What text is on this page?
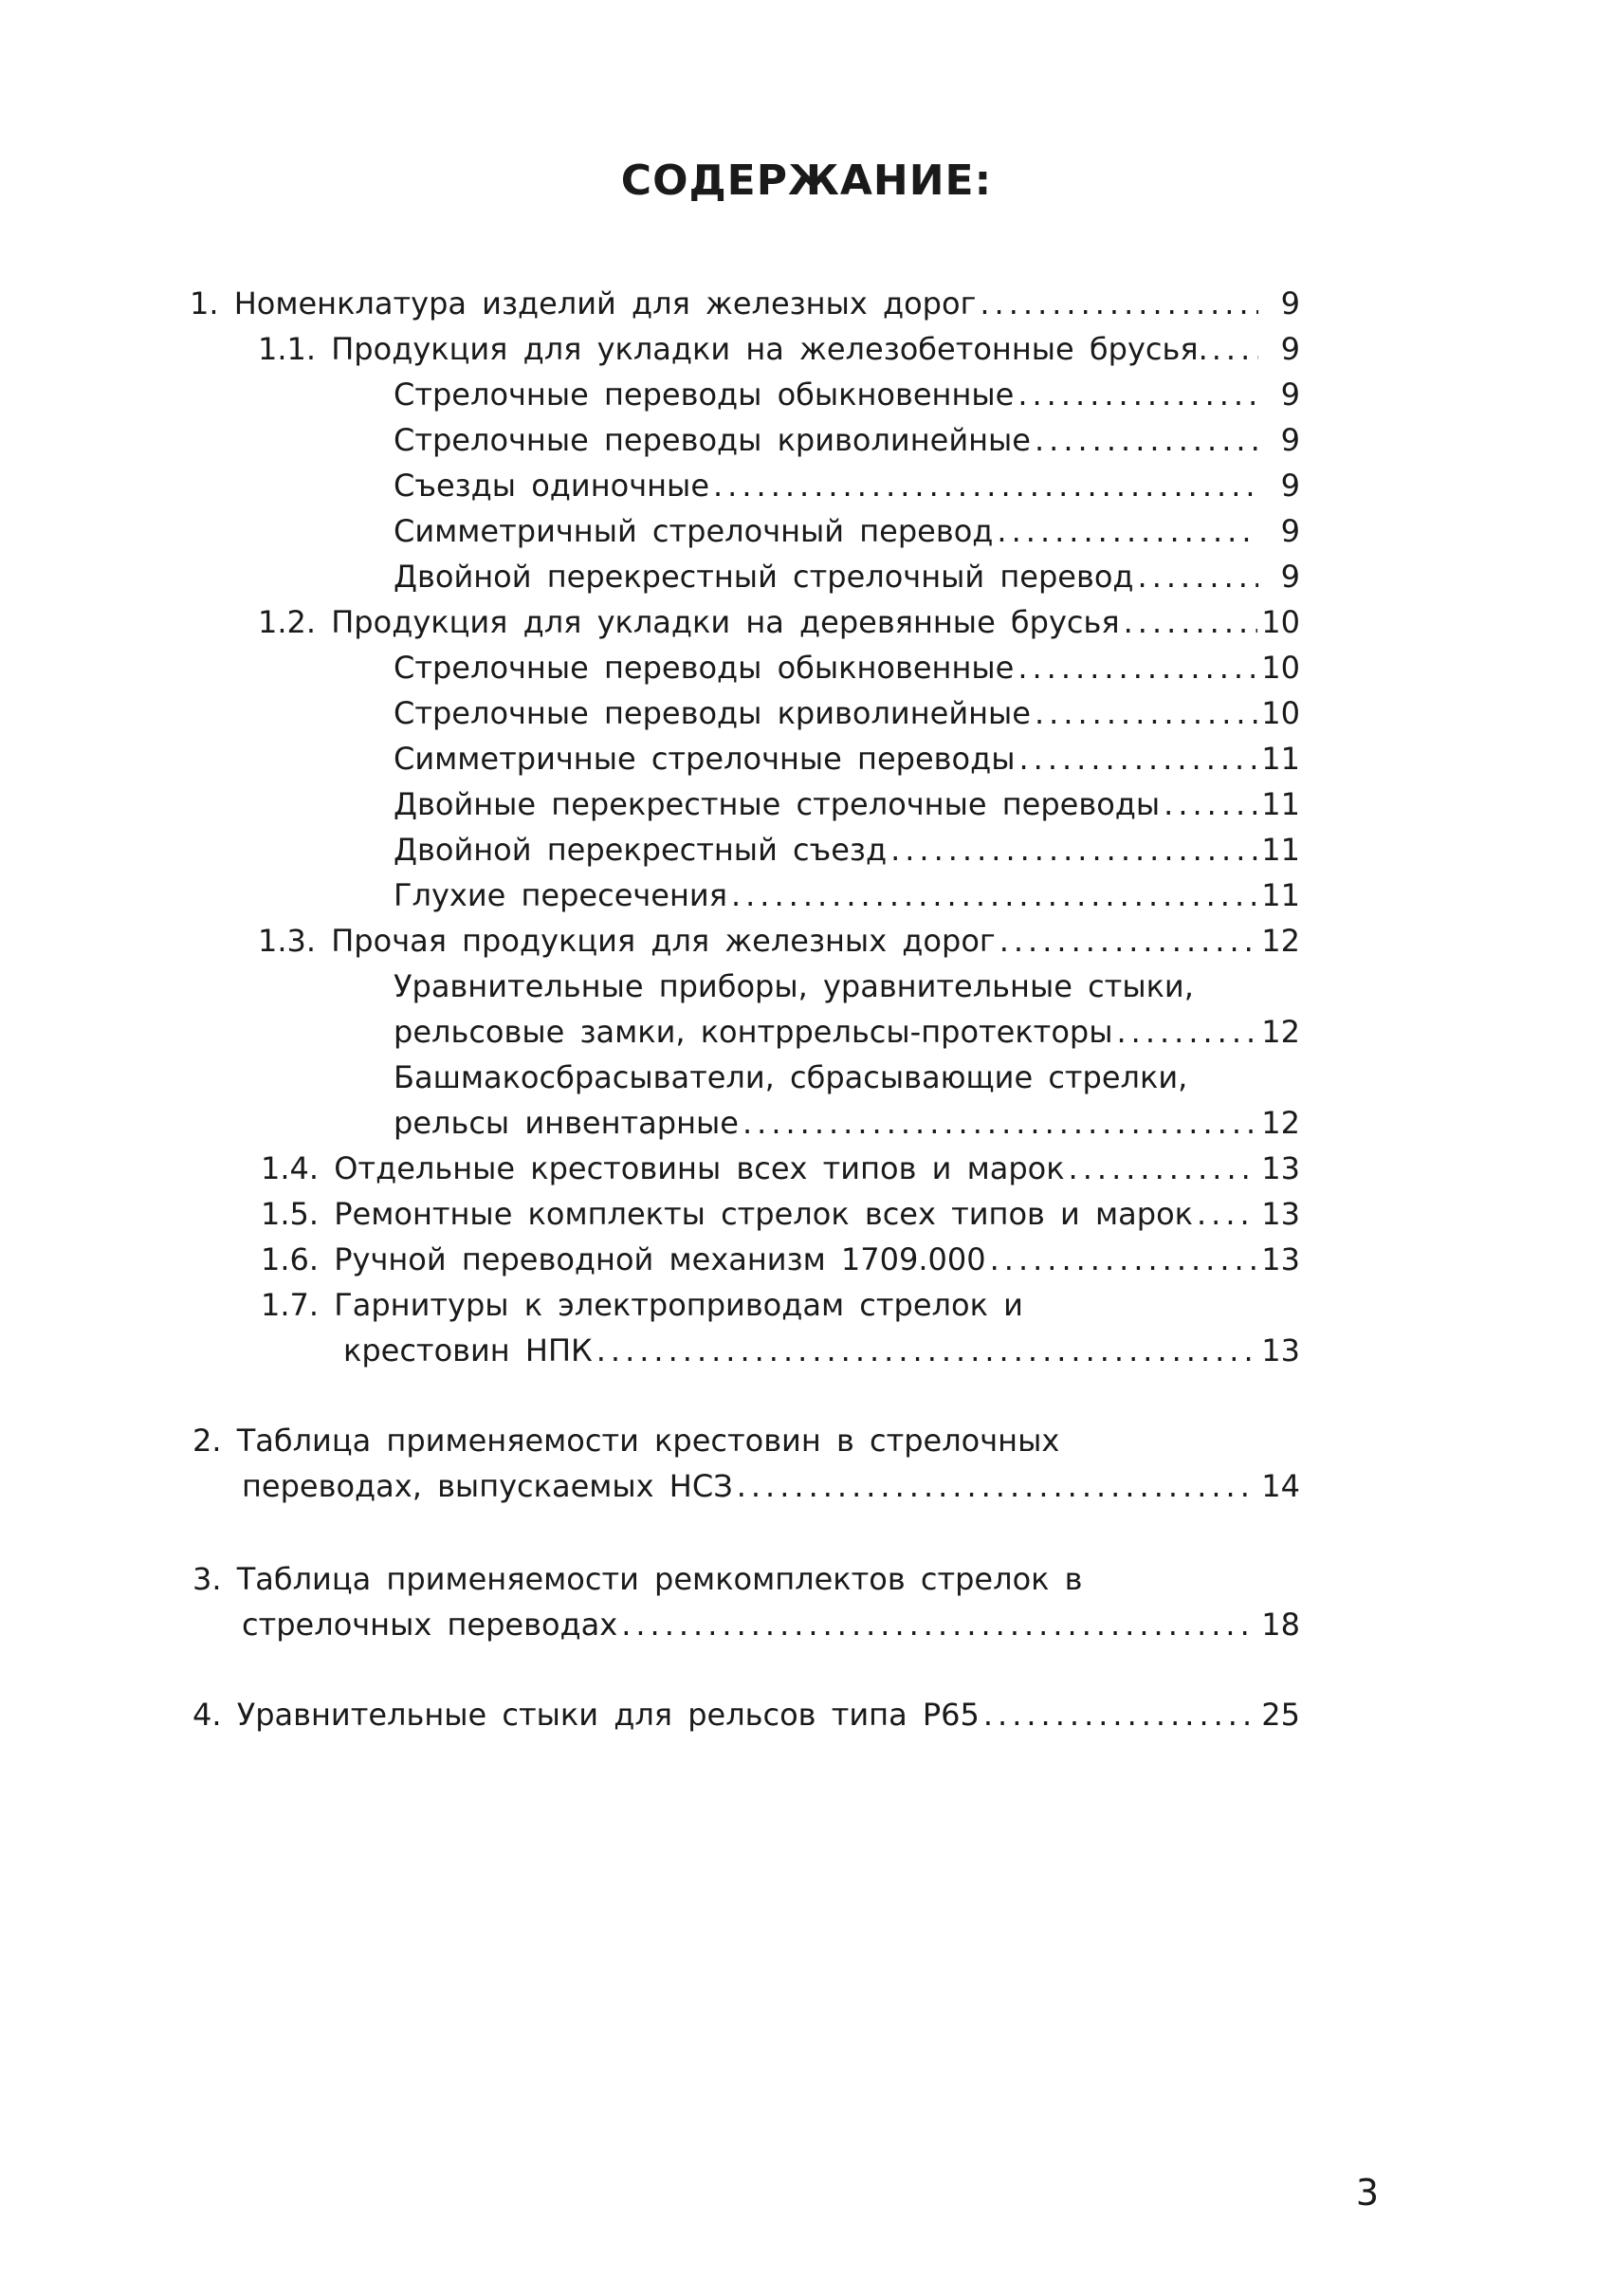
СОДЕРЖАНИЕ:
1. Номенклатура изделий для железных дорог .....	9
1.1. Продукция для укладки на железобетонные брусья. .....	9
Стрелочные переводы обыкновенные .....	9
Стрелочные переводы криволинейные .....	9
Съезды одиночные .....	9
Симметричный стрелочный перевод .....	9
Двойной перекрестный стрелочный перевод .....	9
1.2. Продукция для укладки на деревянные брусья .....	10
Стрелочные переводы обыкновенные .....	10
Стрелочные переводы криволинейные .....	10
Симметричные стрелочные переводы .....	11
Двойные перекрестные стрелочные переводы .....	11
Двойной перекрестный съезд .....	11
Глухие пересечения .....	11
1.3. Прочая продукция для железных дорог .....	12
Уравнительные приборы, уравнительные стыки,
рельсовые замки, контррельсы-протекторы .....	12
Башмакосбрасыватели, сбрасывающие стрелки,
рельсы инвентарные .....	12
1.4. Отдельные крестовины всех типов и марок .....	13
1.5. Ремонтные комплекты стрелок всех типов и марок ..... 13
1.6. Ручной переводной механизм 1709.000 .....	13
1.7. Гарнитуры к электроприводам стрелок и
крестовин НПК .....	13
2. Таблица применяемости крестовин в стрелочных
переводах, выпускаемых НСЗ .....	14
3. Таблица применяемости ремкомплектов стрелок в
стрелочных переводах .....	18
4. Уравнительные стыки для рельсов типа Р65 .....	25
3
